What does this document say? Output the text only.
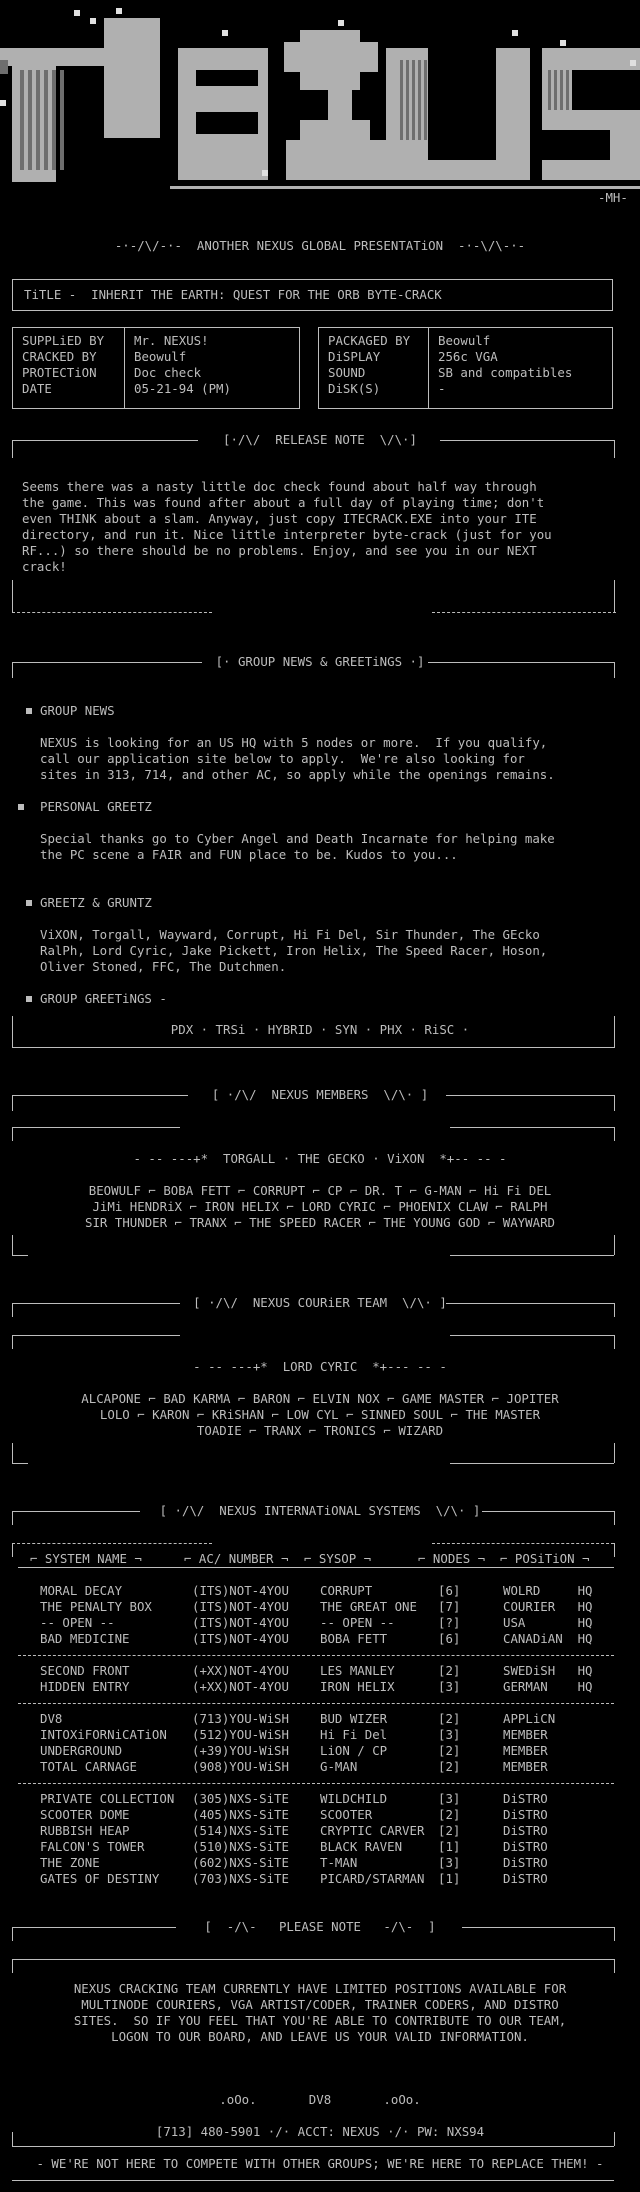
-MH-
-·-/\/-·-  ANOTHER NEXUS GLOBAL PRESENTATiON  -·-\/\-·-
TiTLE -  INHERIT THE EARTH: QUEST FOR THE ORB BYTE-CRACK
SUPPLiED BY Mr. NEXUS!
CRACKED BY	Beowulf
PROTECTiON	Doc check
DATE	05-21-94 (PM)
PACKAGED BY Beowulf
DiSPLAY	256c VGA
SOUND	SB and compatibles
DiSK(S)	-
[·/\/  RELEASE NOTE  \/\·]
Seems there was a nasty little doc check found about half way through
the game. This was found after about a full day of playing time; don't
even THINK about a slam. Anyway, just copy ITECRACK.EXE into your ITE
directory, and run it. Nice little interpreter byte-crack (just for you
RF...) so there should be no problems. Enjoy, and see you in our NEXT
crack!
[· GROUP NEWS & GREETiNGS ·]
GROUP NEWS
NEXUS is looking for an US HQ with 5 nodes or more.  If you qualify,
call our application site below to apply.  We're also looking for
sites in 313, 714, and other AC, so apply while the openings remains.
PERSONAL GREETZ
Special thanks go to Cyber Angel and Death Incarnate for helping make
the PC scene a FAIR and FUN place to be. Kudos to you...
GREETZ & GRUNTZ
ViXON, Torgall, Wayward, Corrupt, Hi Fi Del, Sir Thunder, The GEcko
RalPh, Lord Cyric, Jake Pickett, Iron Helix, The Speed Racer, Hoson,
Oliver Stoned, FFC, The Dutchmen.
GROUP GREETiNGS -
PDX · TRSi · HYBRID · SYN · PHX · RiSC ·
[ ·/\/  NEXUS MEMBERS  \/\· ]
- -- ---+*  TORGALL · THE GECKO · ViXON  *+-- -- -
BEOWULF ⌐ BOBA FETT ⌐ CORRUPT ⌐ CP ⌐ DR. T ⌐ G-MAN ⌐ Hi Fi DEL
JiMi HENDRiX ⌐ IRON HELIX ⌐ LORD CYRIC ⌐ PHOENIX CLAW ⌐ RALPH
SIR THUNDER ⌐ TRANX ⌐ THE SPEED RACER ⌐ THE YOUNG GOD ⌐ WAYWARD
[ ·/\/  NEXUS COURiER TEAM  \/\· ]
- -- ---+*  LORD CYRIC  *+--- -- -
ALCAPONE ⌐ BAD KARMA ⌐ BARON ⌐ ELVIN NOX ⌐ GAME MASTER ⌐ JOPITER
LOLO ⌐ KARON ⌐ KRiSHAN ⌐ LOW CYL ⌐ SINNED SOUL ⌐ THE MASTER
TOADIE ⌐ TRANX ⌐ TRONICS ⌐ WIZARD
[ ·/\/  NEXUS INTERNATiONAL SYSTEMS  \/\· ]
⌐ SYSTEM NAME ¬	⌐ AC/ NUMBER ¬ ⌐ SYSOP ¬	⌐ NODES ¬ ⌐ POSiTiON ¬
MORAL DECAY	(ITS)NOT-4YOU	CORRUPT	[6]	WOLRD     HQ
THE PENALTY BOX	(ITS)NOT-4YOU	THE GREAT ONE [7]	COURIER   HQ
-- OPEN --	(ITS)NOT-4YOU	-- OPEN --	[?]	USA       HQ
BAD MEDICINE	(ITS)NOT-4YOU	BOBA FETT	[6]	CANADiAN  HQ
SECOND FRONT	(+XX)NOT-4YOU	LES MANLEY	[2]	SWEDiSH   HQ
HIDDEN ENTRY	(+XX)NOT-4YOU	IRON HELIX	[3]	GERMAN    HQ
DV8	(713)YOU-WiSH	BUD WIZER	[2]	APPLiCN
INTOXiFORNiCATiON (512)YOU-WiSH	Hi Fi Del	[3]	MEMBER
UNDERGROUND	(+39)YOU-WiSH	LiON / CP	[2]	MEMBER
TOTAL CARNAGE	(908)YOU-WiSH	G-MAN	[2]	MEMBER
PRIVATE COLLECTION (305)NXS-SiTE	WILDCHILD	[3]	DiSTRO
SCOOTER DOME	(405)NXS-SiTE	SCOOTER	[2]	DiSTRO
RUBBISH HEAP	(514)NXS-SiTE	CRYPTIC CARVER [2]	DiSTRO
FALCON'S TOWER	(510)NXS-SiTE	BLACK RAVEN	[1]	DiSTRO
THE ZONE	(602)NXS-SiTE	T-MAN	[3]	DiSTRO
GATES OF DESTINY	(703)NXS-SiTE	PICARD/STARMAN [1]	DiSTRO
[  -/\-   PLEASE NOTE   -/\-  ]
NEXUS CRACKING TEAM CURRENTLY HAVE LIMITED POSITIONS AVAILABLE FOR
MULTINODE COURIERS, VGA ARTIST/CODER, TRAINER CODERS, AND DISTRO
SITES.  SO IF YOU FEEL THAT YOU'RE ABLE TO CONTRIBUTE TO OUR TEAM,
LOGON TO OUR BOARD, AND LEAVE US YOUR VALID INFORMATION.
.oOo.       DV8       .oOo.
[713] 480-5901 ·/· ACCT: NEXUS ·/· PW: NXS94
- WE'RE NOT HERE TO COMPETE WITH OTHER GROUPS; WE'RE HERE TO REPLACE THEM! -
